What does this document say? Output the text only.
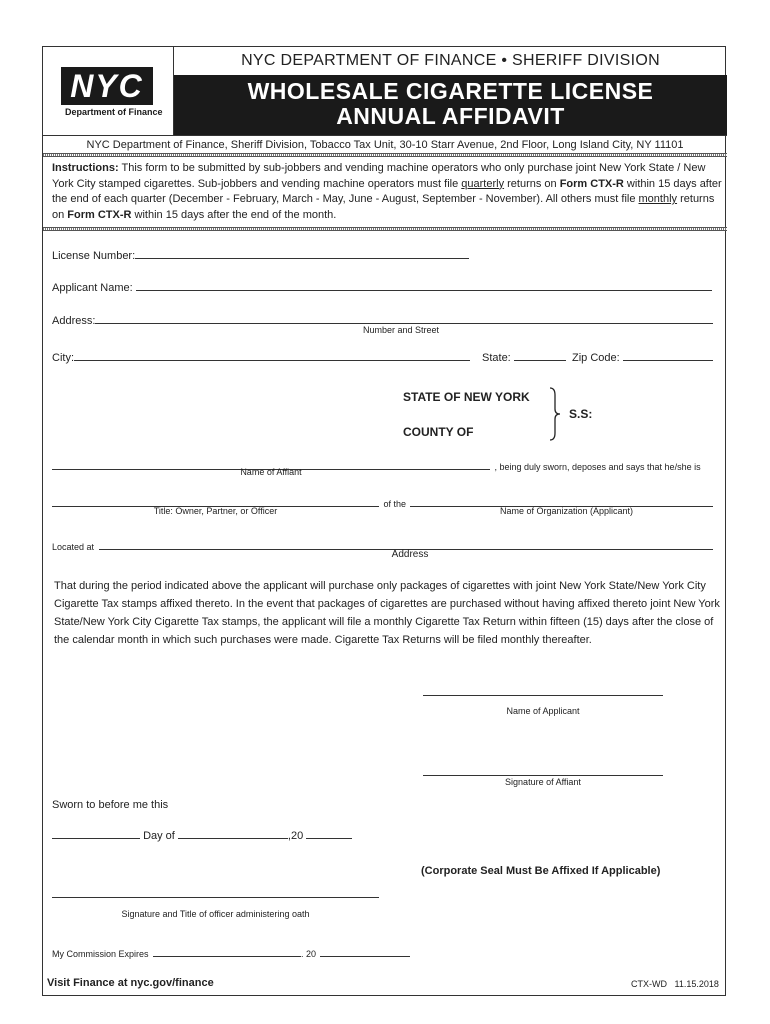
NYC
Department of Finance
NYC DEPARTMENT OF FINANCE • SHERIFF DIVISION
WHOLESALE CIGARETTE LICENSE
ANNUAL AFFIDAVIT
NYC Department of Finance, Sheriff Division, Tobacco Tax Unit, 30-10 Starr Avenue, 2nd Floor, Long Island City, NY 11101
Instructions: This form to be submitted by sub-jobbers and vending machine operators who only purchase joint New York State / New York City stamped cigarettes. Sub-jobbers and vending machine operators must file quarterly returns on Form CTX-R within 15 days after the end of each quarter (December - February, March - May, June - August, September - November). All others must file monthly returns on Form CTX-R within 15 days after the end of the month.
License Number:
Applicant Name:
Address:
Number and Street
City:	State:	Zip Code:
STATE OF NEW YORK
COUNTY OF
S.S:
, being duly sworn, deposes and says that he/she is
Name of Affiant
of the
Title: Owner, Partner, or Officer	Name of Organization (Applicant)
Located at
Address
That during the period indicated above the applicant will purchase only packages of cigarettes with joint New York State/New York City Cigarette Tax stamps affixed thereto. In the event that packages of cigarettes are purchased without having affixed thereto joint New York State/New York City Cigarette Tax stamps, the applicant will file a monthly Cigarette Tax Return within fifteen (15) days after the close of the calendar month in which such purchases were made. Cigarette Tax Returns will be filed monthly thereafter.
Name of Applicant
Signature of Affiant
Sworn to before me this
Day of	,20
(Corporate Seal Must Be Affixed If Applicable)
Signature and Title of officer administering oath
My Commission Expires	. 20
Visit Finance at nyc.gov/finance	CTX-WD   11.15.2018
